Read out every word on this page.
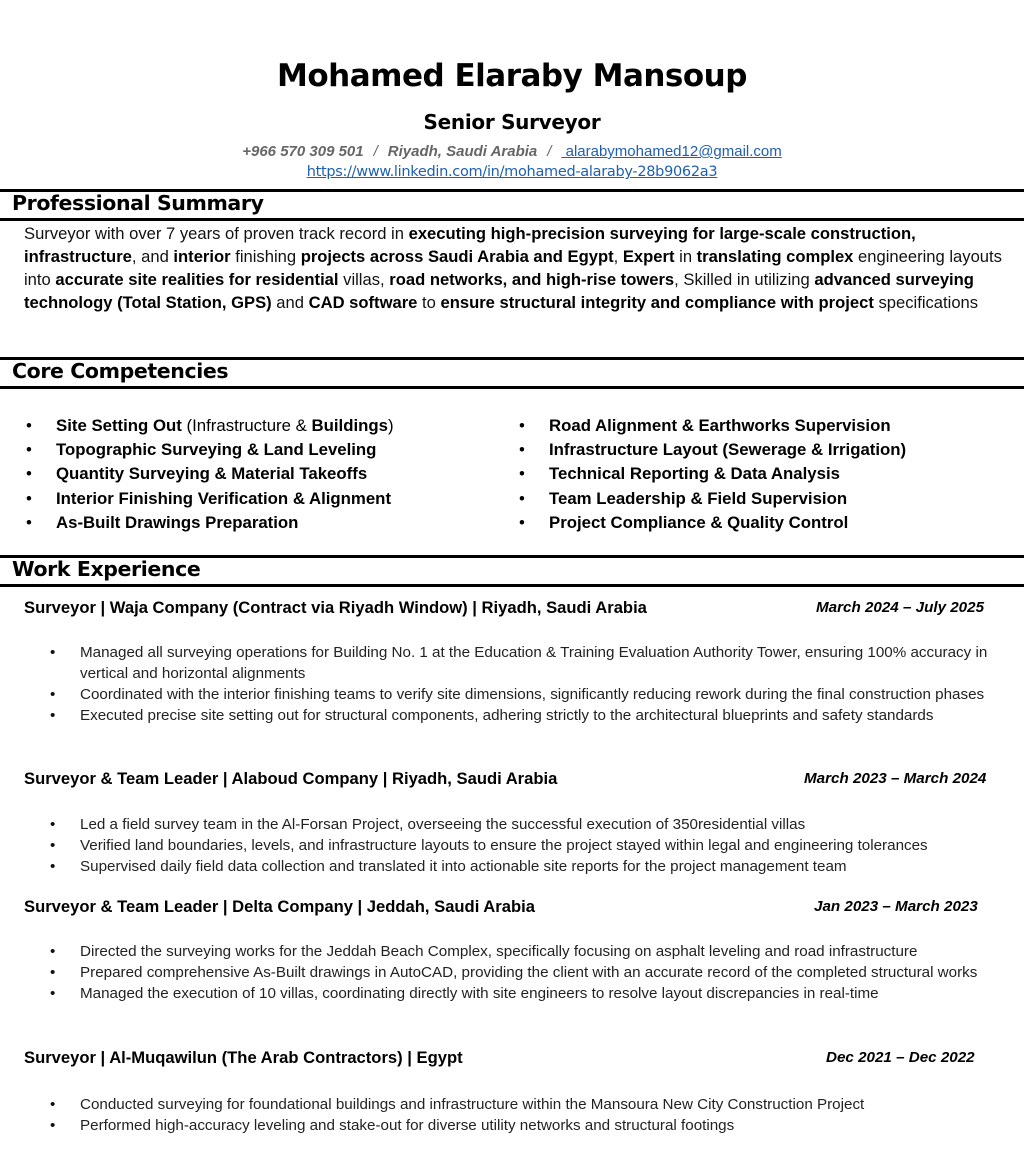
Mohamed Elaraby Mansoup
Senior Surveyor
+966 570 309 501 / Riyadh, Saudi Arabia / alarabymohamed12@gmail.com
https://www.linkedin.com/in/mohamed-alaraby-28b9062a3
Professional Summary
Surveyor with over 7 years of proven track record in executing high-precision surveying for large-scale construction, infrastructure, and interior finishing projects across Saudi Arabia and Egypt, Expert in translating complex engineering layouts into accurate site realities for residential villas, road networks, and high-rise towers, Skilled in utilizing advanced surveying technology (Total Station, GPS) and CAD software to ensure structural integrity and compliance with project specifications
Core Competencies
• Site Setting Out (Infrastructure & Buildings)
• Topographic Surveying & Land Leveling
• Quantity Surveying & Material Takeoffs
• Interior Finishing Verification & Alignment
• As-Built Drawings Preparation
• Road Alignment & Earthworks Supervision
• Infrastructure Layout (Sewerage & Irrigation)
• Technical Reporting & Data Analysis
• Team Leadership & Field Supervision
• Project Compliance & Quality Control
Work Experience
Surveyor | Waja Company (Contract via Riyadh Window) | Riyadh, Saudi Arabia	March 2024 – July 2025
• Managed all surveying operations for Building No. 1 at the Education & Training Evaluation Authority Tower, ensuring 100% accuracy in vertical and horizontal alignments
• Coordinated with the interior finishing teams to verify site dimensions, significantly reducing rework during the final construction phases
• Executed precise site setting out for structural components, adhering strictly to the architectural blueprints and safety standards
Surveyor & Team Leader | Alaboud Company | Riyadh, Saudi Arabia	March 2023 – March 2024
• Led a field survey team in the Al-Forsan Project, overseeing the successful execution of 350residential villas
• Verified land boundaries, levels, and infrastructure layouts to ensure the project stayed within legal and engineering tolerances
• Supervised daily field data collection and translated it into actionable site reports for the project management team
Surveyor & Team Leader | Delta Company | Jeddah, Saudi Arabia	Jan 2023 – March 2023
• Directed the surveying works for the Jeddah Beach Complex, specifically focusing on asphalt leveling and road infrastructure
• Prepared comprehensive As-Built drawings in AutoCAD, providing the client with an accurate record of the completed structural works
• Managed the execution of 10 villas, coordinating directly with site engineers to resolve layout discrepancies in real-time
Surveyor | Al-Muqawilun (The Arab Contractors) | Egypt	Dec 2021 – Dec 2022
• Conducted surveying for foundational buildings and infrastructure within the Mansoura New City Construction Project
• Performed high-accuracy leveling and stake-out for diverse utility networks and structural footings
